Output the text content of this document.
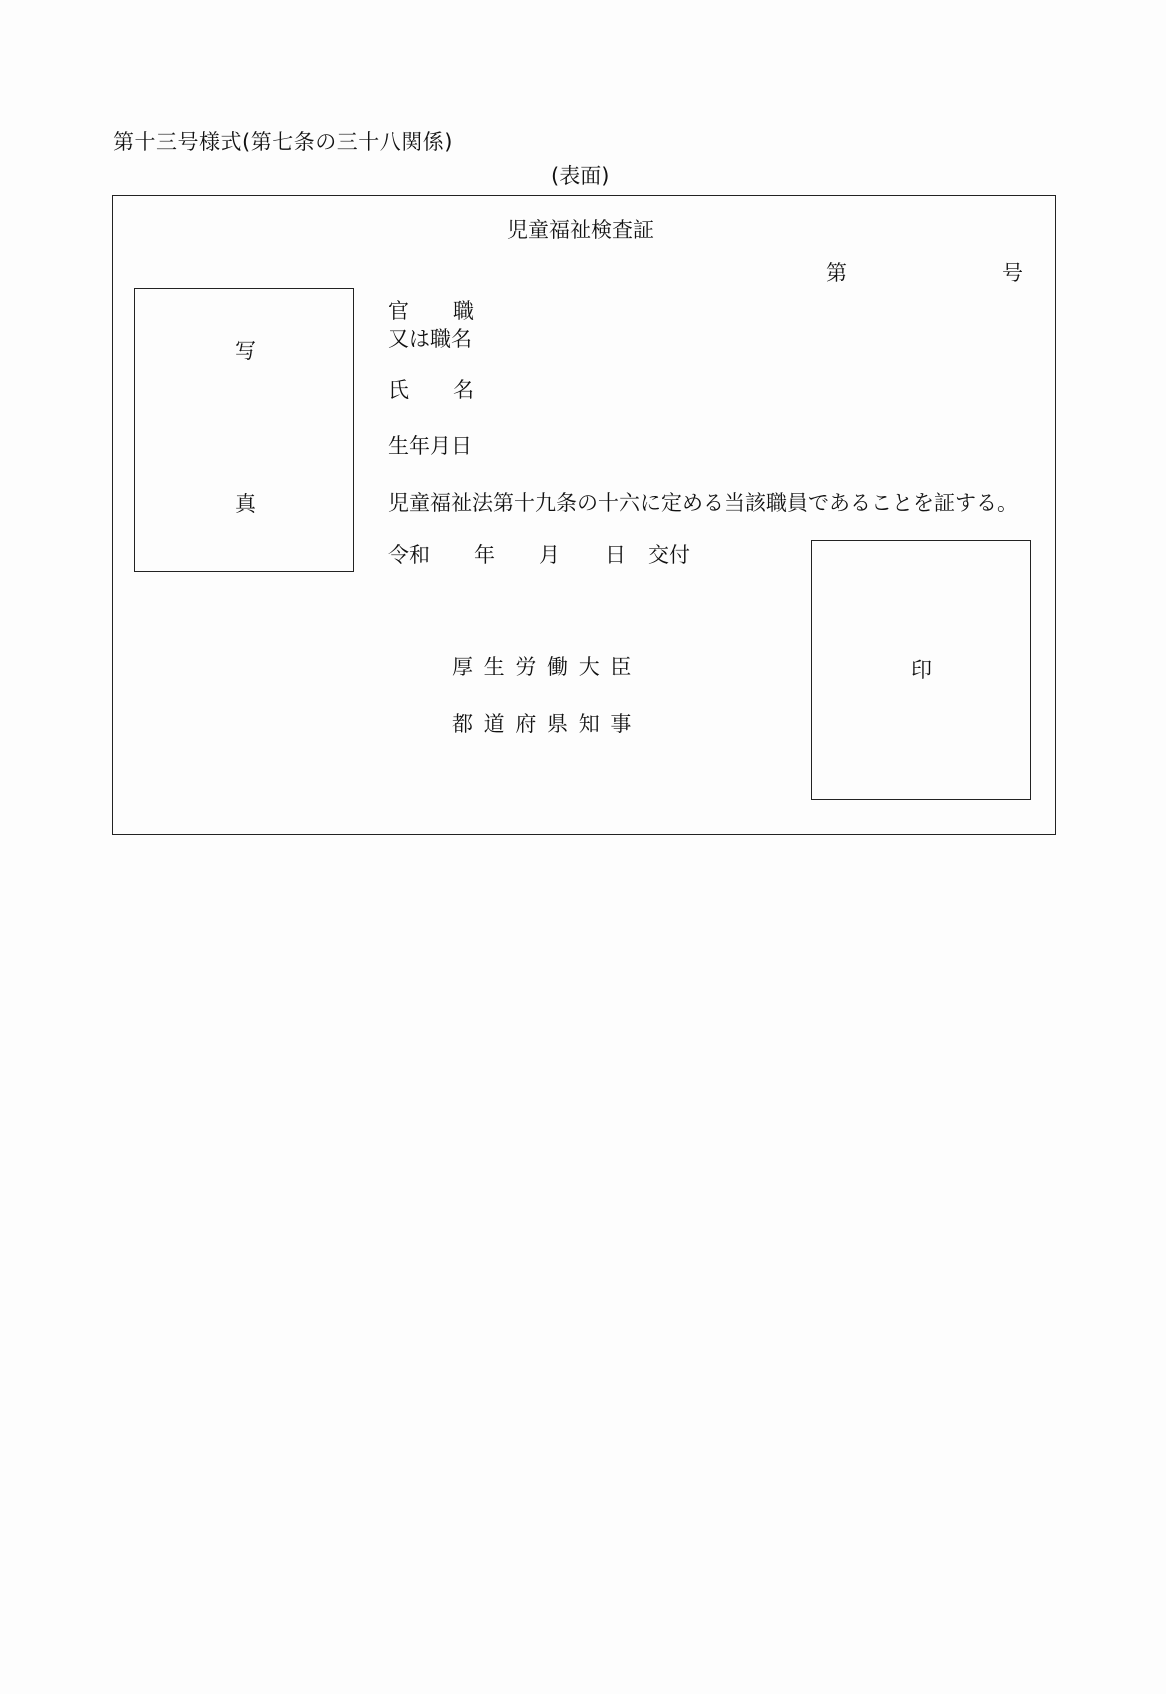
第十三号様式(第七条の三十八関係)
(表面)
児童福祉検査証
第	号
写
真
官 職
又は職名
氏 名
生年月日
児童福祉法第十九条の十六に定める当該職員であることを証する。
令和 年 月 日 交付
厚 生 労 働 大 臣
都 道 府 県 知 事
印
